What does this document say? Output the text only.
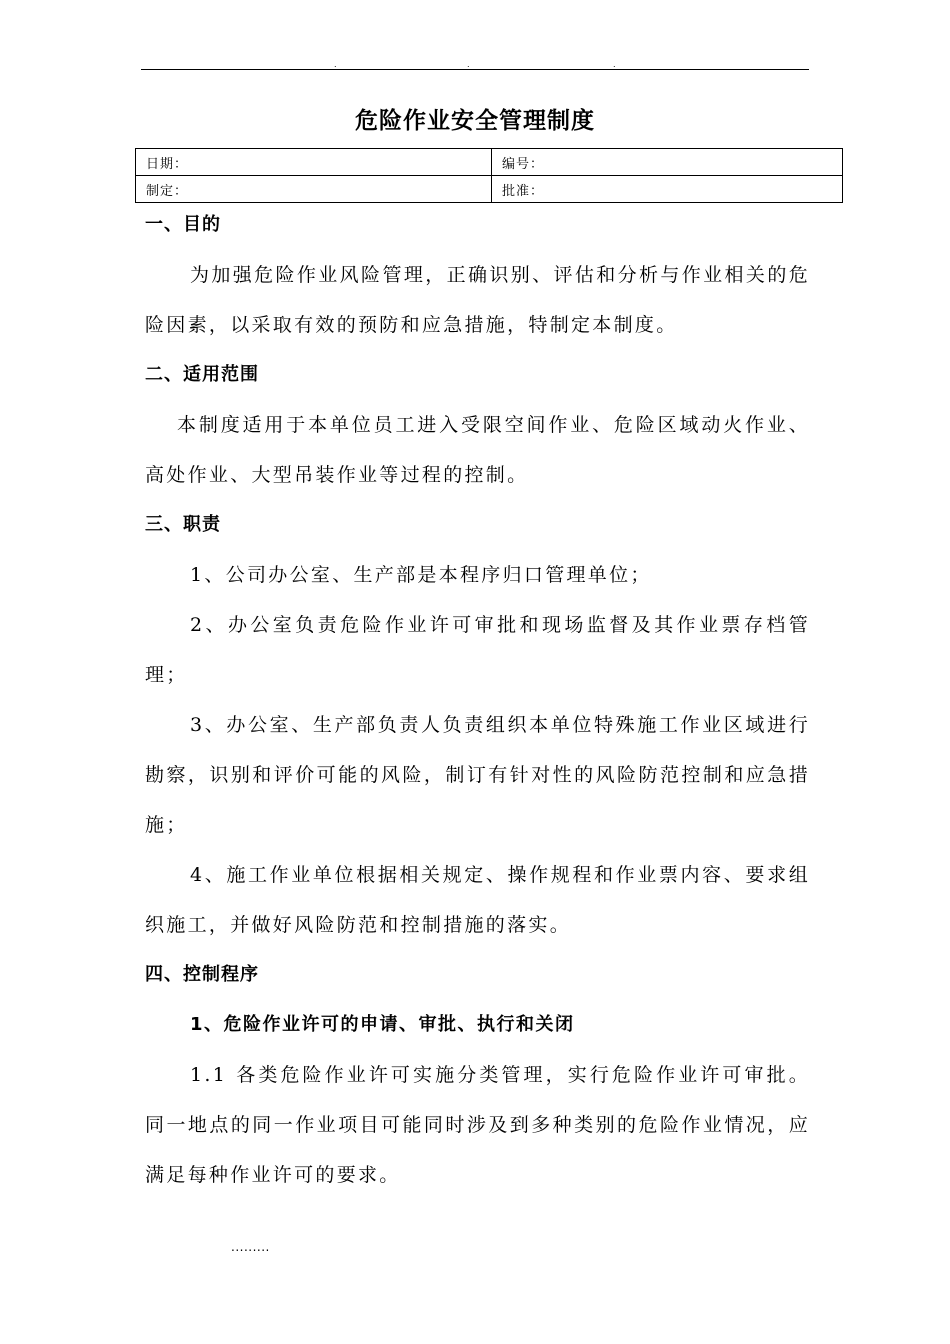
.	.	.
危险作业安全管理制度
日期：	编号：
制定：	批准：
一、目的
为加强危险作业风险管理，正确识别、评估和分析与作业相关的危险因素，以采取有效的预防和应急措施，特制定本制度。
二、适用范围
本制度适用于本单位员工进入受限空间作业、危险区域动火作业、高处作业、大型吊装作业等过程的控制。
三、职责
1、公司办公室、生产部是本程序归口管理单位；
2、办公室负责危险作业许可审批和现场监督及其作业票存档管理；
3、办公室、生产部负责人负责组织本单位特殊施工作业区域进行勘察，识别和评价可能的风险，制订有针对性的风险防范控制和应急措施；
4、施工作业单位根据相关规定、操作规程和作业票内容、要求组织施工，并做好风险防范和控制措施的落实。
四、控制程序
1、危险作业许可的申请、审批、执行和关闭
1.1 各类危险作业许可实施分类管理，实行危险作业许可审批。同一地点的同一作业项目可能同时涉及到多种类别的危险作业情况，应满足每种作业许可的要求。
.........
